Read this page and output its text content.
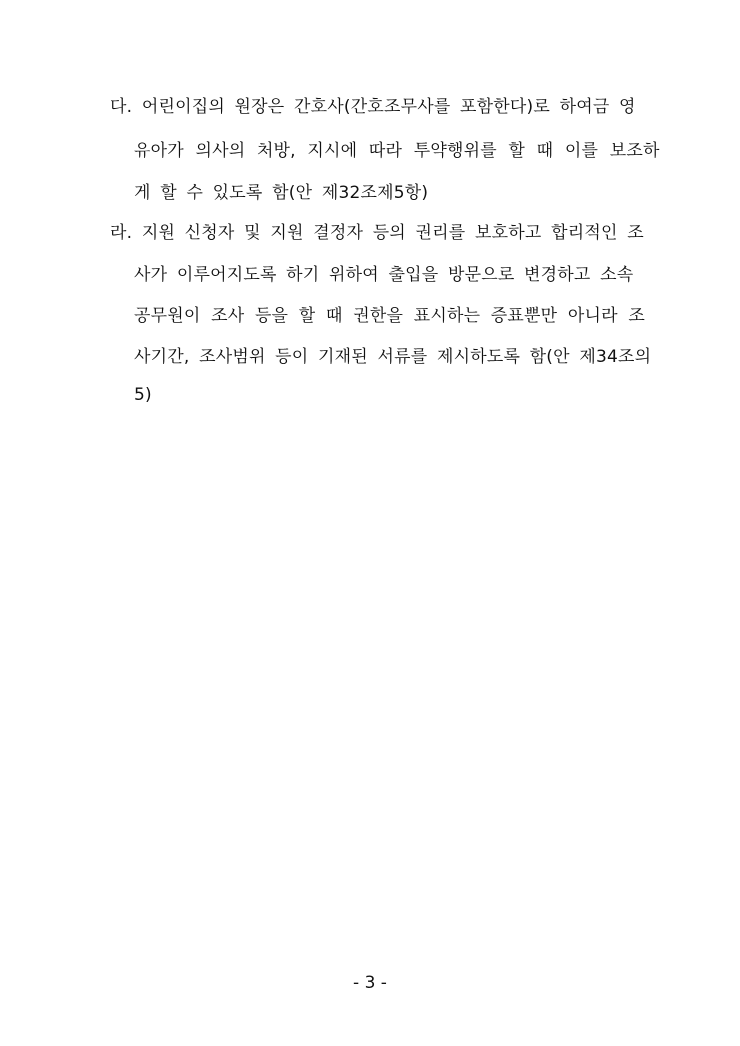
다. 어린이집의 원장은 간호사(간호조무사를 포함한다)로 하여금 영
유아가 의사의 처방, 지시에 따라 투약행위를 할 때 이를 보조하
게 할 수 있도록 함(안 제32조제5항)
라. 지원 신청자 및 지원 결정자 등의 권리를 보호하고 합리적인 조
사가 이루어지도록 하기 위하여 출입을 방문으로 변경하고 소속
공무원이 조사 등을 할 때 권한을 표시하는 증표뿐만 아니라 조
사기간, 조사범위 등이 기재된 서류를 제시하도록 함(안 제34조의
5)
- 3 -
